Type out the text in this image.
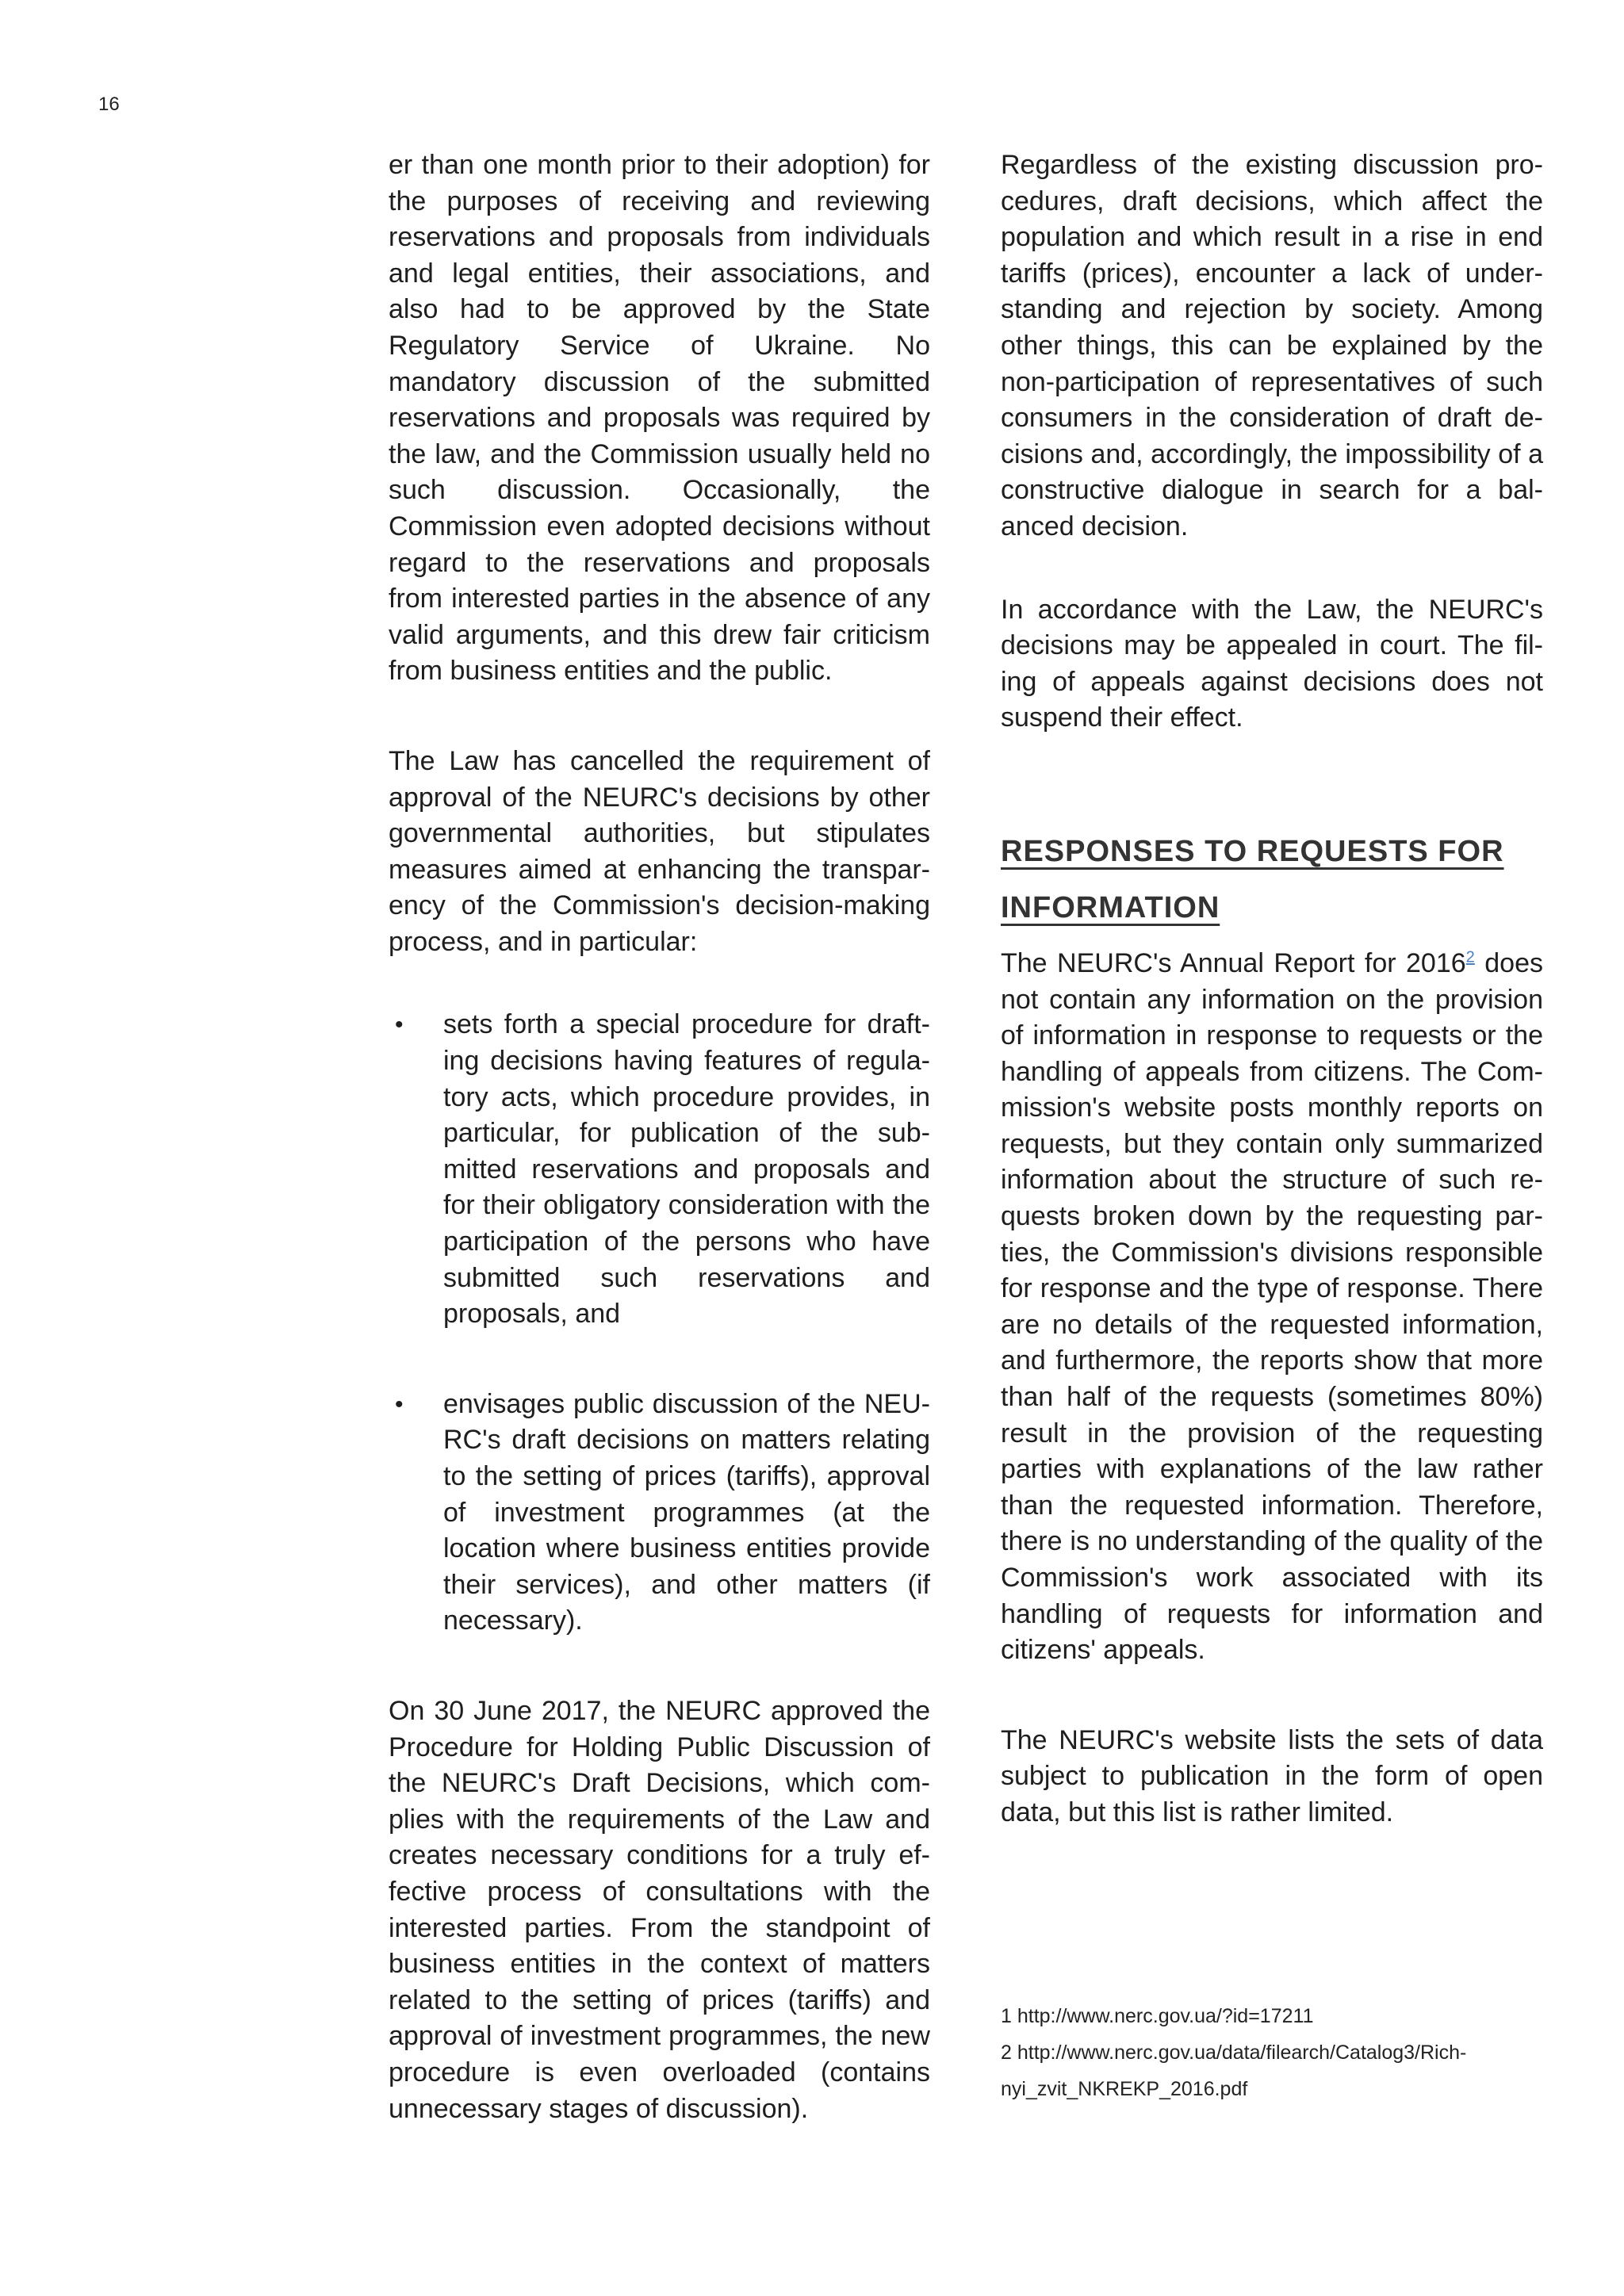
16

er than one month prior to their adoption) for the purposes of receiving and reviewing reservations and proposals from individuals and legal entities, their associations, and also had to be approved by the State Regulatory Service of Ukraine. No mandatory discussion of the submitted reservations and proposals was required by the law, and the Commission usually held no such discussion. Occasionally, the Commission even adopted decisions without regard to the reservations and proposals from interested parties in the absence of any valid arguments, and this drew fair criticism from business entities and the public.

The Law has cancelled the requirement of approval of the NEURC's decisions by other governmental authorities, but stipulates measures aimed at enhancing the transparency of the Commission's decision-making process, and in particular:

• sets forth a special procedure for drafting decisions having features of regulatory acts, which procedure provides, in particular, for publication of the submitted reservations and proposals and for their obligatory consideration with the participation of the persons who have submitted such reservations and proposals, and
• envisages public discussion of the NEURC's draft decisions on matters relating to the setting of prices (tariffs), approval of investment programmes (at the location where business entities provide their services), and other matters (if necessary).

On 30 June 2017, the NEURC approved the Procedure for Holding Public Discussion of the NEURC's Draft Decisions, which complies with the requirements of the Law and creates necessary conditions for a truly effective process of consultations with the interested parties. From the standpoint of business entities in the context of matters related to the setting of prices (tariffs) and approval of investment programmes, the new procedure is even overloaded (contains unnecessary stages of discussion).

Regardless of the existing discussion procedures, draft decisions, which affect the population and which result in a rise in end tariffs (prices), encounter a lack of understanding and rejection by society. Among other things, this can be explained by the non-participation of representatives of such consumers in the consideration of draft decisions and, accordingly, the impossibility of a constructive dialogue in search for a balanced decision.

In accordance with the Law, the NEURC's decisions may be appealed in court. The filing of appeals against decisions does not suspend their effect.

RESPONSES TO REQUESTS FOR INFORMATION

The NEURC's Annual Report for 2016$^2$ does not contain any information on the provision of information in response to requests or the handling of appeals from citizens. The Commission's website posts monthly reports on requests, but they contain only summarized information about the structure of such requests broken down by the requesting parties, the Commission's divisions responsible for response and the type of response. There are no details of the requested information, and furthermore, the reports show that more than half of the requests (sometimes 80%) result in the provision of the requesting parties with explanations of the law rather than the requested information. Therefore, there is no understanding of the quality of the Commission's work associated with its handling of requests for information and citizens' appeals.

The NEURC's website lists the sets of data subject to publication in the form of open data, but this list is rather limited.

1 http://www.nerc.gov.ua/?id=17211

2 http://www.nerc.gov.ua/data/filearch/Catalog3/Richnyi_zvit_NKREKP_2016.pdf
